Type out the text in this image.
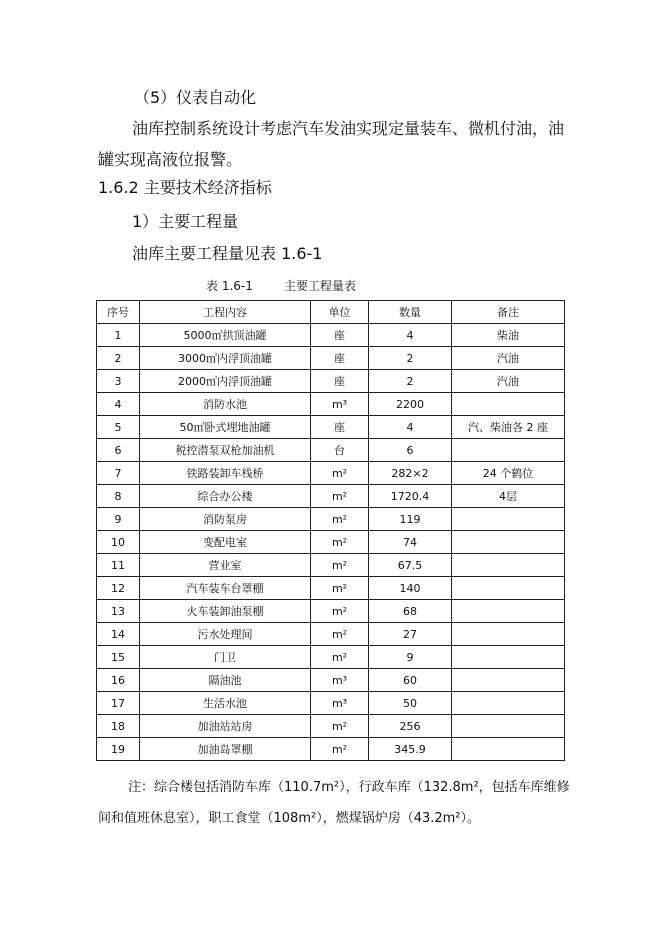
（5）仪表自动化
油库控制系统设计考虑汽车发油实现定量装车、微机付油，油
罐实现高液位报警。
1.6.2 主要技术经济指标
1）主要工程量
油库主要工程量见表 1.6-1
表 1.6-1	主要工程量表
序号	工程内容	单位	数量	备注
1	5000㎥拱顶油罐	座	4	柴油
2	3000㎥内浮顶油罐	座	2	汽油
3	2000㎥内浮顶油罐	座	2	汽油
4	消防水池	m³	2200	
5	50㎥卧式埋地油罐	座	4	汽、柴油各 2 座
6	税控潜泵双枪加油机	台	6	
7	铁路装卸车栈桥	m²	282×2	24 个鹤位
8	综合办公楼	m²	1720.4	4层
9	消防泵房	m²	119	
10	变配电室	m²	74	
11	营业室	m²	67.5	
12	汽车装车台罩棚	m²	140	
13	火车装卸油泵棚	m²	68	
14	污水处理间	m²	27	
15	门卫	m²	9	
16	隔油池	m³	60	
17	生活水池	m³	50	
18	加油站站房	m²	256	
19	加油岛罩棚	m²	345.9	
注：综合楼包括消防车库（110.7m²），行政车库（132.8m²，包括车库维修
间和值班休息室），职工食堂（108m²），燃煤锅炉房（43.2m²）。
